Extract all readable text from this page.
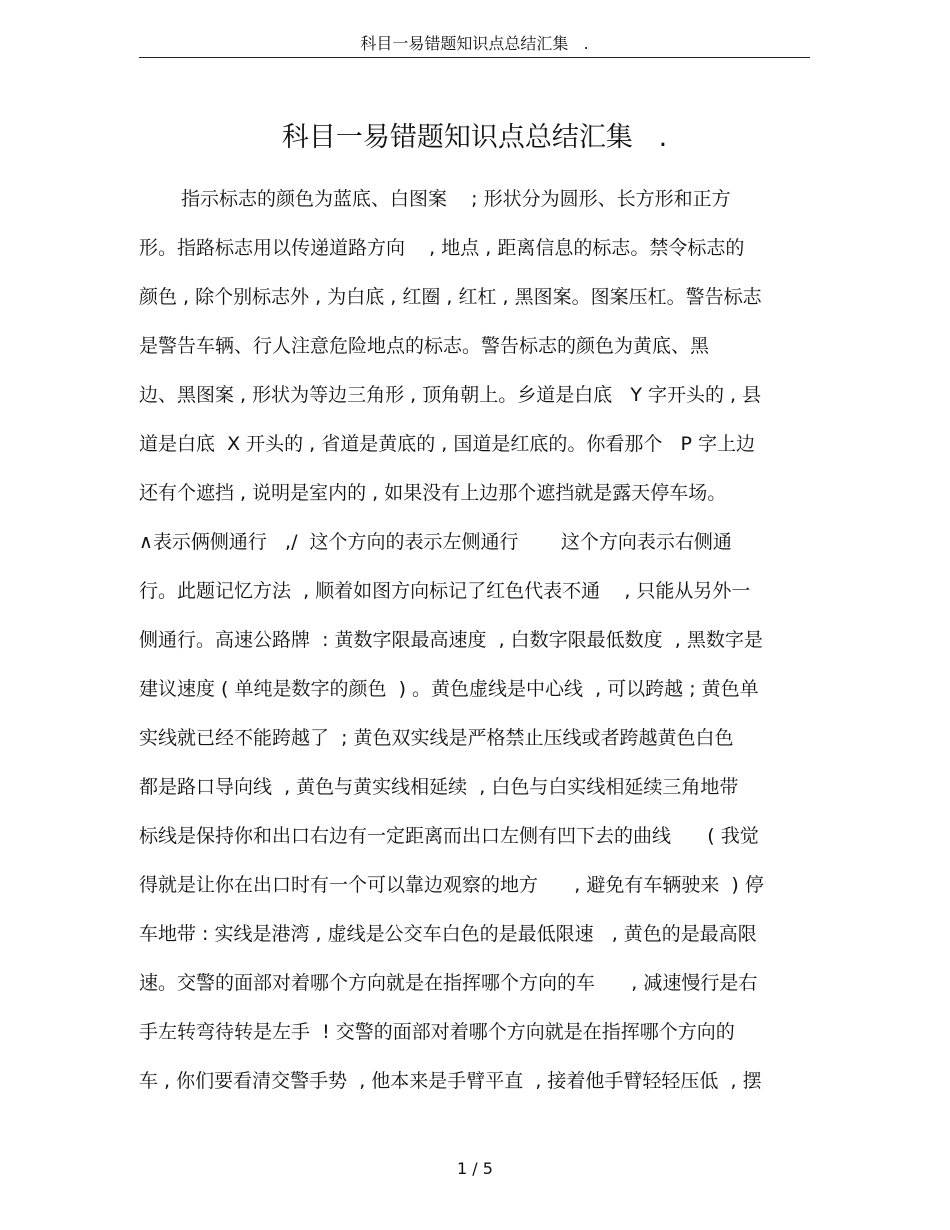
科目一易错题知识点总结汇集   .
科目一易错题知识点总结汇集   .
指示标志的颜色为蓝底、白图案    ; 形状分为圆形、长方形和正方
形。指路标志用以传递道路方向    , 地点 , 距离信息的标志。禁令标志的
颜色 , 除个别标志外 , 为白底 , 红圈 , 红杠 , 黑图案。图案压杠。警告标志
是警告车辆、行人注意危险地点的标志。警告标志的颜色为黄底、黑
边、黑图案 , 形状为等边三角形 , 顶角朝上。乡道是白底   Y 字开头的 , 县
道是白底  X 开头的 , 省道是黄底的 , 国道是红底的。你看那个   P 字上边
还有个遮挡 , 说明是室内的 , 如果没有上边那个遮挡就是露天停车场。
∧表示俩侧通行   ,/  这个方向的表示左侧通行       这个方向表示右侧通
行。此题记忆方法  , 顺着如图方向标记了红色代表不通    , 只能从另外一
侧通行。高速公路牌  : 黄数字限最高速度  , 白数字限最低数度  , 黑数字是
建议速度 ( 单纯是数字的颜色  ) 。黄色虚线是中心线  , 可以跨越 ; 黄色单
实线就已经不能跨越了  ; 黄色双实线是严格禁止压线或者跨越黄色白色
都是路口导向线  , 黄色与黄实线相延续  , 白色与白实线相延续三角地带
标线是保持你和出口右边有一定距离而出口左侧有凹下去的曲线      ( 我觉
得就是让你在出口时有一个可以靠边观察的地方      , 避免有车辆驶来  ) 停
车地带 : 实线是港湾 , 虚线是公交车白色的是最低限速   , 黄色的是最高限
速。交警的面部对着哪个方向就是在指挥哪个方向的车      , 减速慢行是右
手左转弯待转是左手  ! 交警的面部对着哪个方向就是在指挥哪个方向的
车 , 你们要看清交警手势  , 他本来是手臂平直  , 接着他手臂轻轻压低  , 摆
1 / 5
